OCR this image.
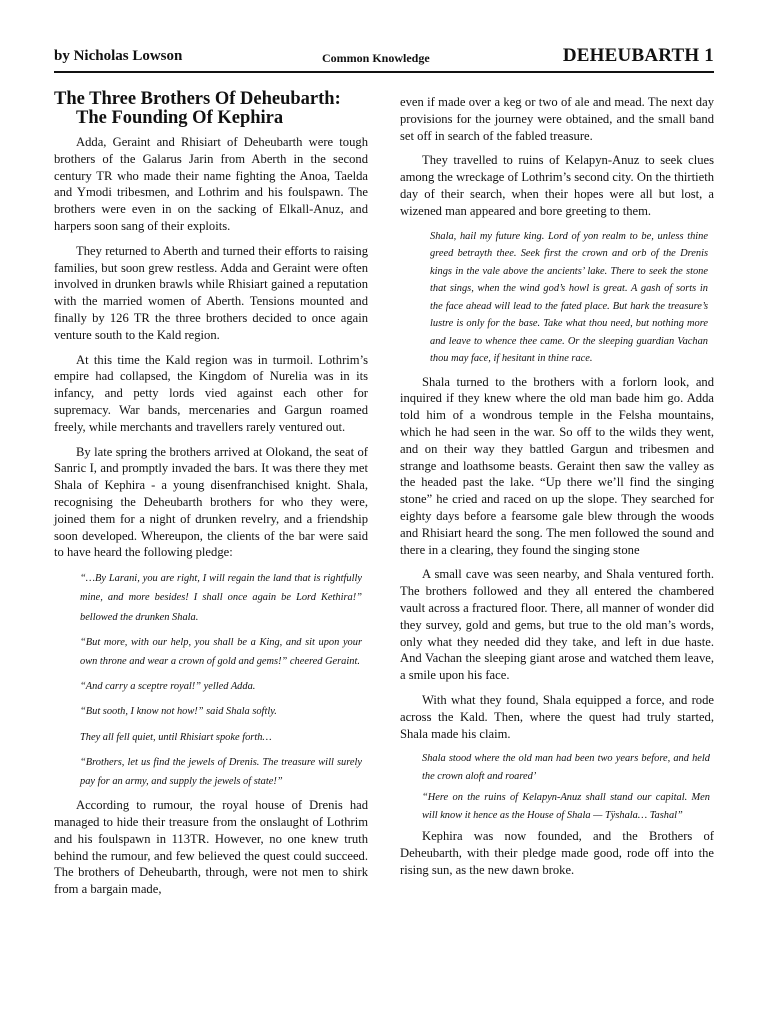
by Nicholas Lowson	Common Knowledge	DEHEUBARTH 1
The Three Brothers Of Deheubarth:
The Founding Of Kephira

Adda, Geraint and Rhisiart of Deheubarth were tough brothers of the Galarus Jarin from Aberth in the second century TR who made their name fighting the Anoa, Taelda and Ymodi tribesmen, and Lothrim and his foulspawn. The brothers were even in on the sacking of Elkall-Anuz, and harpers soon sang of their exploits.

They returned to Aberth and turned their efforts to raising families, but soon grew restless. Adda and Geraint were often involved in drunken brawls while Rhisiart gained a reputation with the married women of Aberth. Tensions mounted and finally by 126 TR the three brothers decided to once again venture south to the Kald region.

At this time the Kald region was in turmoil. Lothrim’s empire had collapsed, the Kingdom of Nurelia was in its infancy, and petty lords vied against each other for supremacy. War bands, mercenaries and Gargun roamed freely, while merchants and travellers rarely ventured out.

By late spring the brothers arrived at Olokand, the seat of Sanric I, and promptly invaded the bars. It was there they met Shala of Kephira - a young disenfranchised knight. Shala, recognising the Deheubarth brothers for who they were, joined them for a night of drunken revelry, and a friendship soon developed. Whereupon, the clients of the bar were said to have heard the following pledge:

“…By Larani, you are right, I will regain the land that is rightfully mine, and more besides! I shall once again be Lord Kethira!” bellowed the drunken Shala.

“But more, with our help, you shall be a King, and sit upon your own throne and wear a crown of gold and gems!” cheered Geraint.

“And carry a sceptre royal!” yelled Adda.

“But sooth, I know not how!” said Shala softly.

They all fell quiet, until Rhisiart spoke forth…

“Brothers, let us find the jewels of Drenis. The treasure will surely pay for an army, and supply the jewels of state!”

According to rumour, the royal house of Drenis had managed to hide their treasure from the onslaught of Lothrim and his foulspawn in 113TR. However, no one knew truth behind the rumour, and few believed the quest could succeed. The brothers of Deheubarth, through, were not men to shirk from a bargain made,

even if made over a keg or two of ale and mead. The next day provisions for the journey were obtained, and the small band set off in search of the fabled treasure.

They travelled to ruins of Kelapyn-Anuz to seek clues among the wreckage of Lothrim’s second city. On the thirtieth day of their search, when their hopes were all but lost, a wizened man appeared and bore greeting to them.

Shala, hail my future king. Lord of yon realm to be, unless thine greed betrayth thee. Seek first the crown and orb of the Drenis kings in the vale above the ancients’ lake. There to seek the stone that sings, when the wind god’s howl is great. A gash of sorts in the face ahead will lead to the fated place. But hark the treasure’s lustre is only for the base. Take what thou need, but nothing more and leave to whence thee came. Or the sleeping guardian Vachan thou may face, if hesitant in thine race.

Shala turned to the brothers with a forlorn look, and inquired if they knew where the old man bade him go. Adda told him of a wondrous temple in the Felsha mountains, which he had seen in the war. So off to the wilds they went, and on their way they battled Gargun and tribesmen and strange and loathsome beasts. Geraint then saw the valley as the headed past the lake. “Up there we’ll find the singing stone” he cried and raced on up the slope. They searched for eighty days before a fearsome gale blew through the woods and Rhisiart heard the song. The men followed the sound and there in a clearing, they found the singing stone

A small cave was seen nearby, and Shala ventured forth. The brothers followed and they all entered the chambered vault across a fractured floor. There, all manner of wonder did they survey, gold and gems, but true to the old man’s words, only what they needed did they take, and left in due haste. And Vachan the sleeping giant arose and watched them leave, a smile upon his face.

With what they found, Shala equipped a force, and rode across the Kald. Then, where the quest had truly started, Shala made his claim.

Shala stood where the old man had been two years before, and held the crown aloft and roared’

“Here on the ruins of Kelapyn-Anuz shall stand our capital. Men will know it hence as the House of Shala — Tÿshala… Tashal”

Kephira was now founded, and the Brothers of Deheubarth, with their pledge made good, rode off into the rising sun, as the new dawn broke.
